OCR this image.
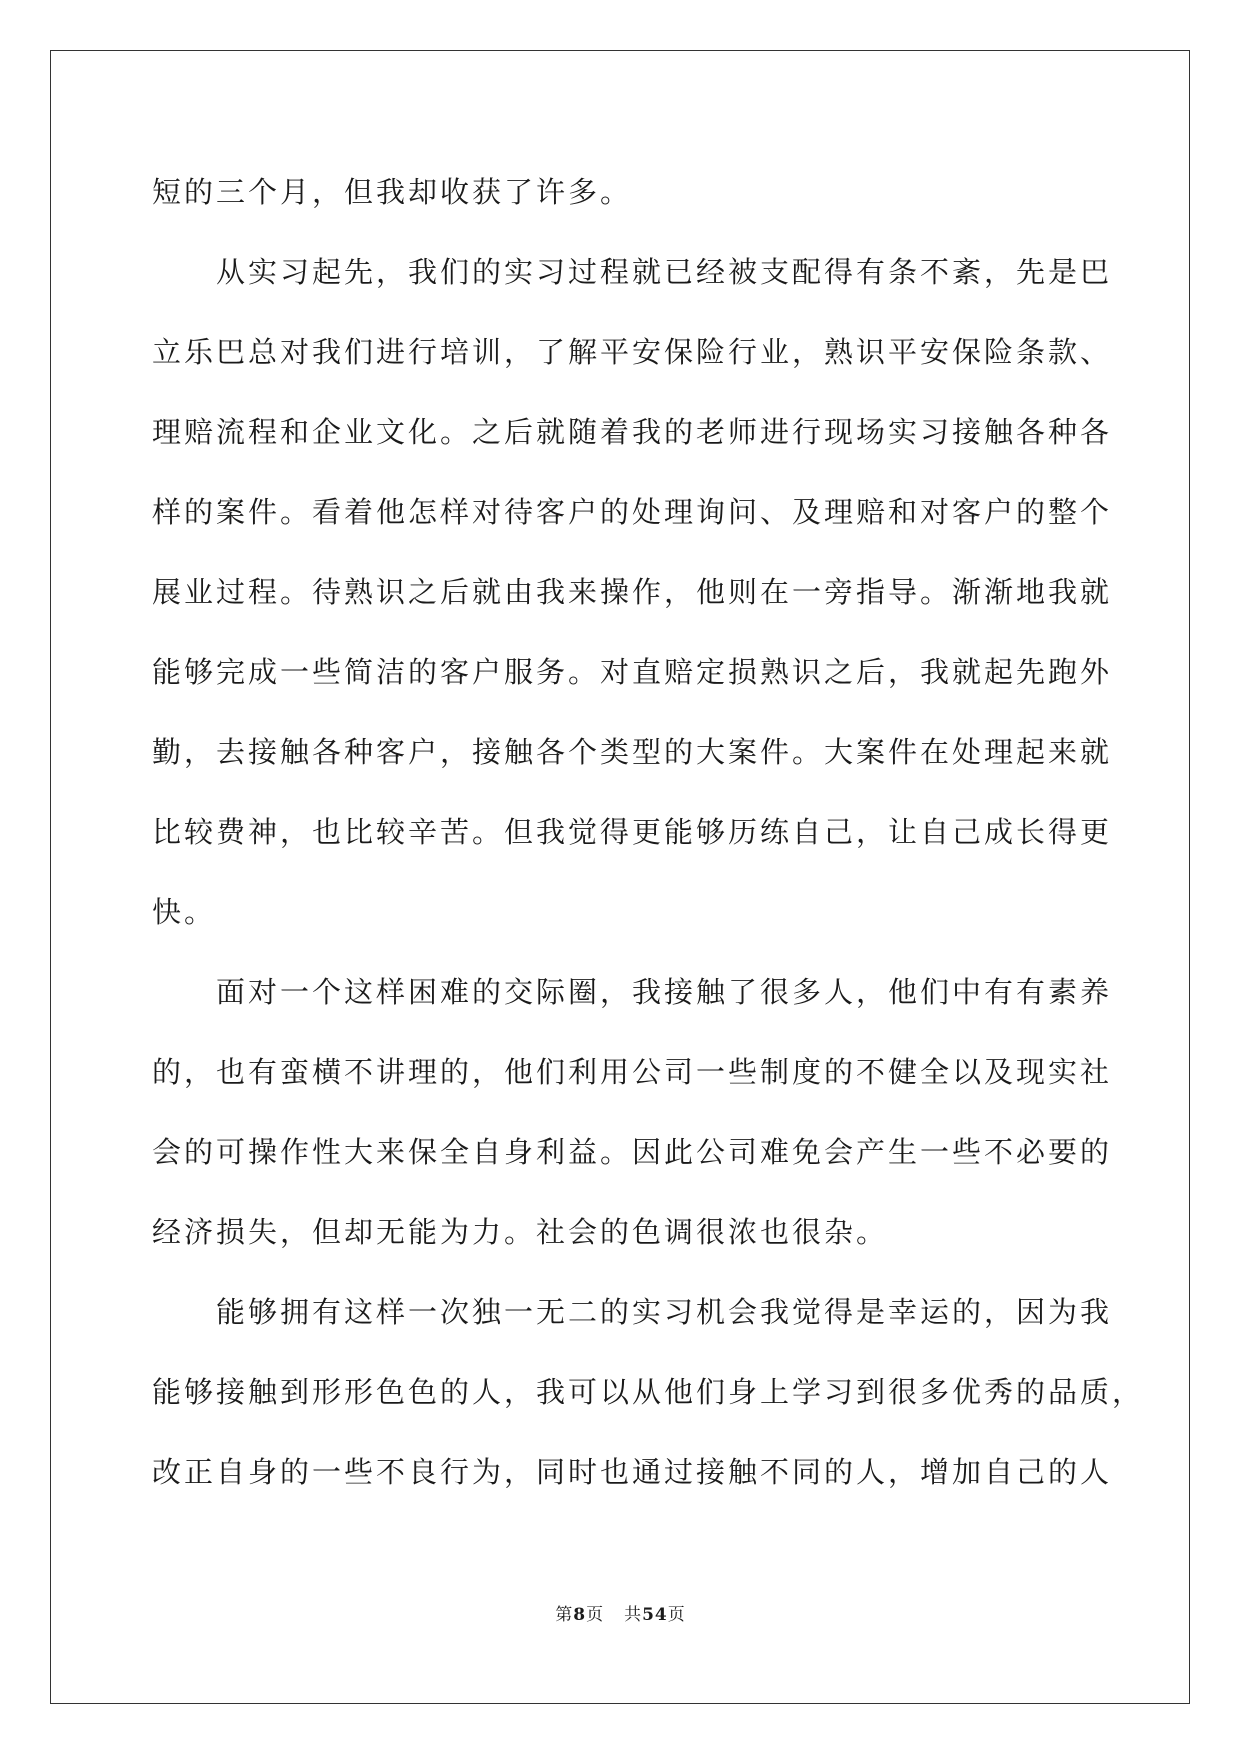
短的三个月，但我却收获了许多。
从实习起先，我们的实习过程就已经被支配得有条不紊，先是巴
立乐巴总对我们进行培训，了解平安保险行业，熟识平安保险条款、
理赔流程和企业文化。之后就随着我的老师进行现场实习接触各种各
样的案件。看着他怎样对待客户的处理询问、及理赔和对客户的整个
展业过程。待熟识之后就由我来操作，他则在一旁指导。渐渐地我就
能够完成一些简洁的客户服务。对直赔定损熟识之后，我就起先跑外
勤，去接触各种客户，接触各个类型的大案件。大案件在处理起来就
比较费神，也比较辛苦。但我觉得更能够历练自己，让自己成长得更
快。
面对一个这样困难的交际圈，我接触了很多人，他们中有有素养
的，也有蛮横不讲理的，他们利用公司一些制度的不健全以及现实社
会的可操作性大来保全自身利益。因此公司难免会产生一些不必要的
经济损失，但却无能为力。社会的色调很浓也很杂。
能够拥有这样一次独一无二的实习机会我觉得是幸运的，因为我
能够接触到形形色色的人，我可以从他们身上学习到很多优秀的品质，
改正自身的一些不良行为，同时也通过接触不同的人，增加自己的人
第8页 共54页
